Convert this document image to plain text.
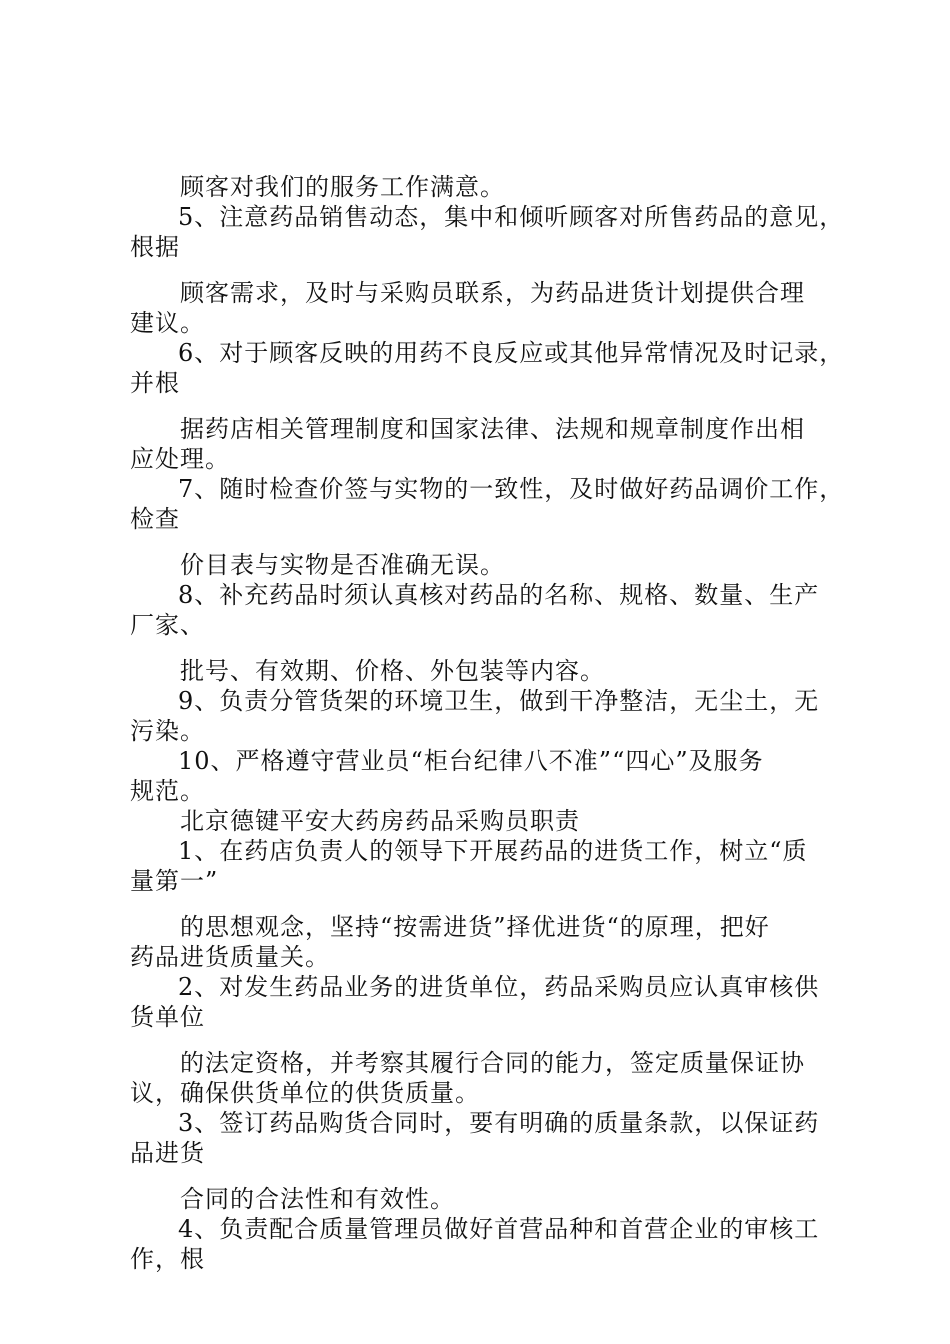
顾客对我们的服务工作满意。
5、注意药品销售动态，集中和倾听顾客对所售药品的意见，
根据
顾客需求，及时与采购员联系，为药品进货计划提供合理
建议。
6、对于顾客反映的用药不良反应或其他异常情况及时记录，
并根
据药店相关管理制度和国家法律、法规和规章制度作出相
应处理。
7、随时检查价签与实物的一致性，及时做好药品调价工作，
检查
价目表与实物是否准确无误。
8、补充药品时须认真核对药品的名称、规格、数量、生产
厂家、
批号、有效期、价格、外包装等内容。
9、负责分管货架的环境卫生，做到干净整洁，无尘土，无
污染。
10、严格遵守营业员“柜台纪律八不准”“四心”及服务
规范。
北京德键平安大药房药品采购员职责
1、在药店负责人的领导下开展药品的进货工作，树立“质
量第一”
的思想观念，坚持“按需进货”择优进货“的原理，把好
药品进货质量关。
2、对发生药品业务的进货单位，药品采购员应认真审核供
货单位
的法定资格，并考察其履行合同的能力，签定质量保证协
议，确保供货单位的供货质量。
3、签订药品购货合同时，要有明确的质量条款，以保证药
品进货
合同的合法性和有效性。
4、负责配合质量管理员做好首营品种和首营企业的审核工
作，根
